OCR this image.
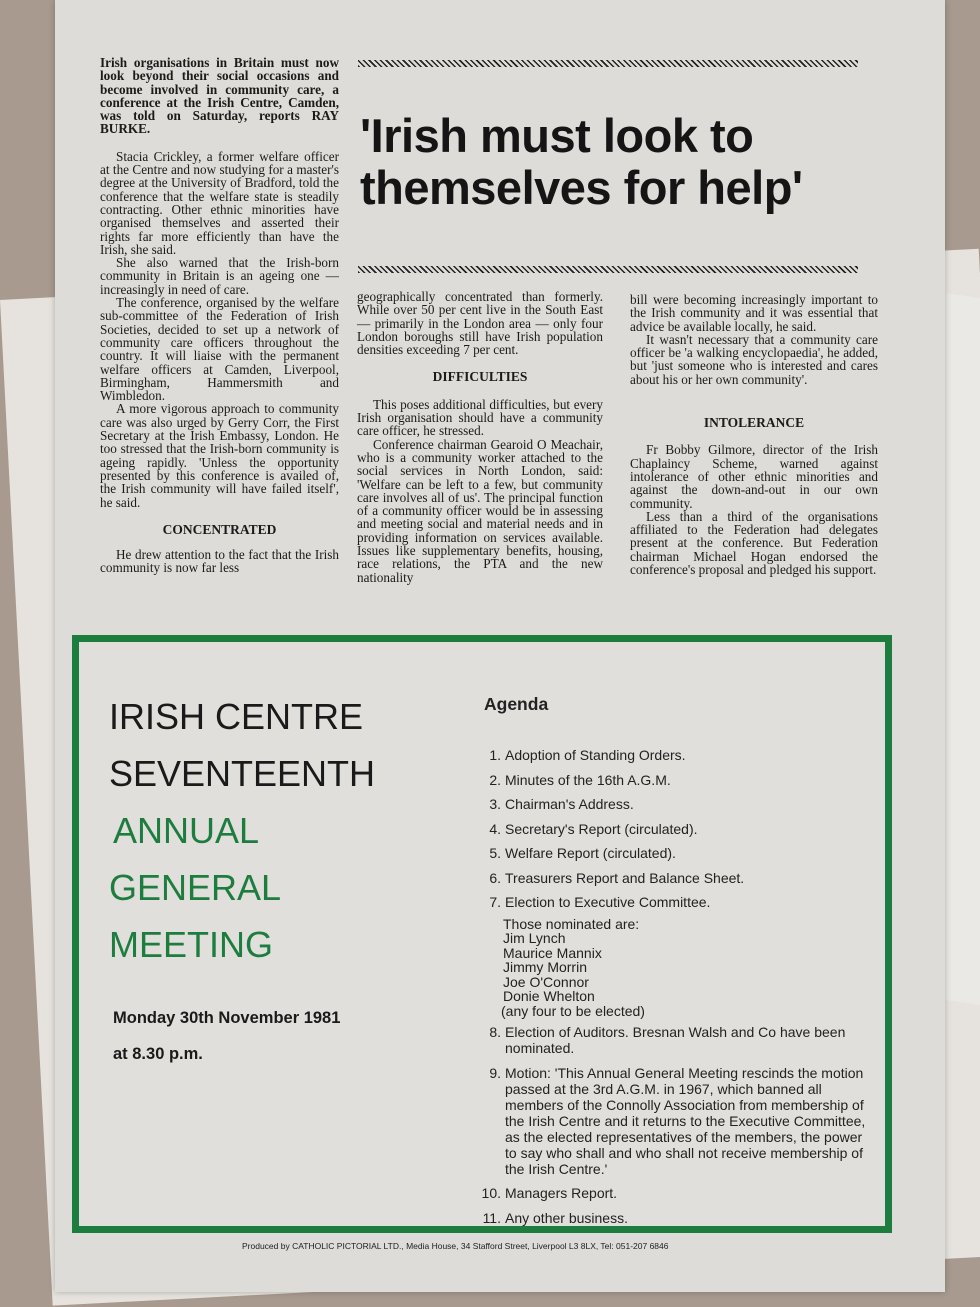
Irish organisations in Britain must now look beyond their social occasions and become involved in community care, a conference at the Irish Centre, Camden, was told on Saturday, reports RAY BURKE.

Stacia Crickley, a former welfare officer at the Centre and now studying for a master's degree at the University of Bradford, told the conference that the welfare state is steadily contracting. Other ethnic minorities have organised themselves and asserted their rights far more efficiently than have the Irish, she said.

She also warned that the Irish-born community in Britain is an ageing one — increasingly in need of care.

The conference, organised by the welfare sub-committee of the Federation of Irish Societies, decided to set up a network of community care officers throughout the country. It will liaise with the permanent welfare officers at Camden, Liverpool, Birmingham, Hammersmith and Wimbledon.

A more vigorous approach to community care was also urged by Gerry Corr, the First Secretary at the Irish Embassy, London. He too stressed that the Irish-born community is ageing rapidly. 'Unless the opportunity presented by this conference is availed of, the Irish community will have failed itself', he said.

CONCENTRATED

He drew attention to the fact that the Irish community is now far less

'Irish must look to
themselves for help'

geographically concentrated than formerly. While over 50 per cent live in the South East — primarily in the London area — only four London boroughs still have Irish population densities exceeding 7 per cent.

DIFFICULTIES

This poses additional difficulties, but every Irish organisation should have a community care officer, he stressed.

Conference chairman Gearoid O Meachair, who is a community worker attached to the social services in North London, said: 'Welfare can be left to a few, but community care involves all of us'. The principal function of a community officer would be in assessing and meeting social and material needs and in providing information on services available. Issues like supplementary benefits, housing, race relations, the PTA and the new nationality

bill were becoming increasingly important to the Irish community and it was essential that advice be available locally, he said.

It wasn't necessary that a community care officer be 'a walking encyclopaedia', he added, but 'just someone who is interested and cares about his or her own community'.

INTOLERANCE

Fr Bobby Gilmore, director of the Irish Chaplaincy Scheme, warned against intolerance of other ethnic minorities and against the down-and-out in our own community.

Less than a third of the organisations affiliated to the Federation had delegates present at the conference. But Federation chairman Michael Hogan endorsed the conference's proposal and pledged his support.

IRISH CENTRE
SEVENTEENTH
ANNUAL
GENERAL
MEETING
Monday 30th November 1981
at 8.30 p.m.
Agenda
1. Adoption of Standing Orders.
2. Minutes of the 16th A.G.M.
3. Chairman's Address.
4. Secretary's Report (circulated).
5. Welfare Report (circulated).
6. Treasurers Report and Balance Sheet.
7. Election to Executive Committee.
Those nominated are:
Jim Lynch
Maurice Mannix
Jimmy Morrin
Joe O'Connor
Donie Whelton
(any four to be elected)
8. Election of Auditors. Bresnan Walsh and Co have been nominated.
9. Motion: 'This Annual General Meeting rescinds the motion passed at the 3rd A.G.M. in 1967, which banned all members of the Connolly Association from membership of the Irish Centre and it returns to the Executive Committee, as the elected representatives of the members, the power to say who shall and who shall not receive membership of the Irish Centre.'
10. Managers Report.
11. Any other business.
Produced by CATHOLIC PICTORIAL LTD., Media House, 34 Stafford Street, Liverpool L3 8LX, Tel: 051-207 6846
